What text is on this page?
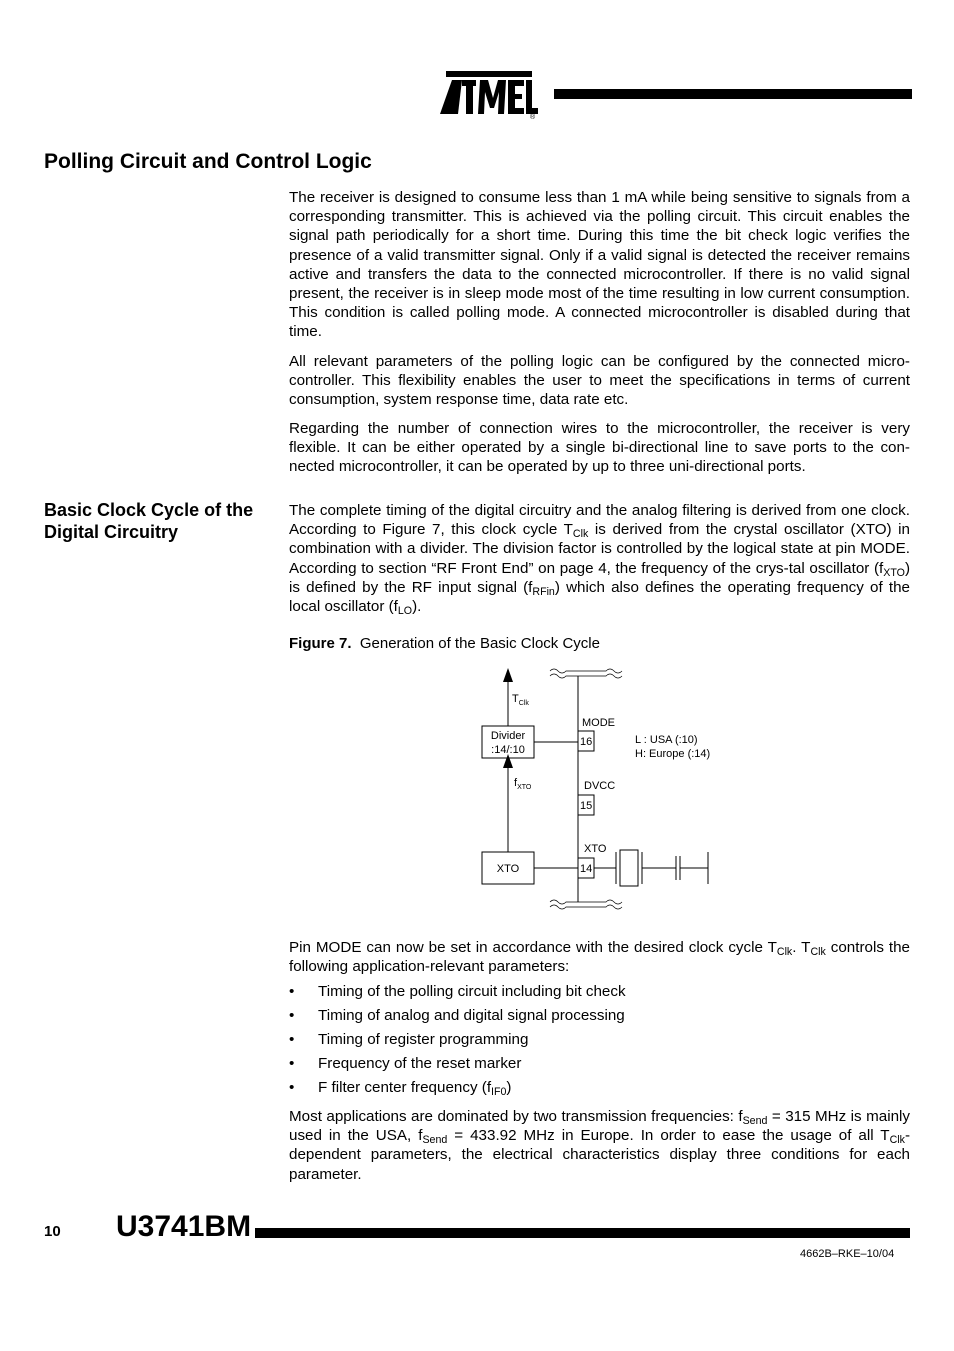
®
Polling Circuit and Control Logic

The receiver is designed to consume less than 1 mA while being sensitive to signals from a corresponding transmitter. This is achieved via the polling circuit. This circuit enables the signal path periodically for a short time. During this time the bit check logic verifies the presence of a valid transmitter signal. Only if a valid signal is detected the receiver remains active and transfers the data to the connected microcontroller. If there is no valid signal present, the receiver is in sleep mode most of the time resulting in low current consumption. This condition is called polling mode. A connected microcontroller is disabled during that time.

All relevant parameters of the polling logic can be configured by the connected micro-controller. This flexibility enables the user to meet the specifications in terms of current consumption, system response time, data rate etc.

Regarding the number of connection wires to the microcontroller, the receiver is very flexible. It can be either operated by a single bi-directional line to save ports to the con-nected microcontroller, it can be operated by up to three uni-directional ports.

Basic Clock Cycle of the Digital Circuitry

The complete timing of the digital circuitry and the analog filtering is derived from one clock. According to Figure 7, this clock cycle $T_{Clk}$ is derived from the crystal oscillator (XTO) in combination with a divider. The division factor is controlled by the logical state at pin MODE. According to section “RF Front End” on page 4, the frequency of the crys-tal oscillator $(f_{XTO})$ is defined by the RF input signal $(f_{RFin})$ which also defines the operating frequency of the local oscillator $(f_{LO})$.

Figure 7. Generation of the Basic Clock Cycle
$T_{Clk}$
$f_{XTO}$
Divider
:14/:10
XTO
MODE
DVCC
XTO
16
15
14
L : USA (:10)
H: Europe (:14)

Pin MODE can now be set in accordance with the desired clock cycle $T_{Clk}$. $T_{Clk}$ controls the following application-relevant parameters:

• Timing of the polling circuit including bit check
• Timing of analog and digital signal processing
• Timing of register programming
• Frequency of the reset marker
• F filter center frequency $(f_{IF0})$

Most applications are dominated by two transmission frequencies: $f_{Send} = 315$ MHz is mainly used in the USA, $f_{Send} = 433.92$ MHz in Europe. In order to ease the usage of all $T_{Clk}$-dependent parameters, the electrical characteristics display three conditions for each parameter.

10 U3741BM
4662B–RKE–10/04
